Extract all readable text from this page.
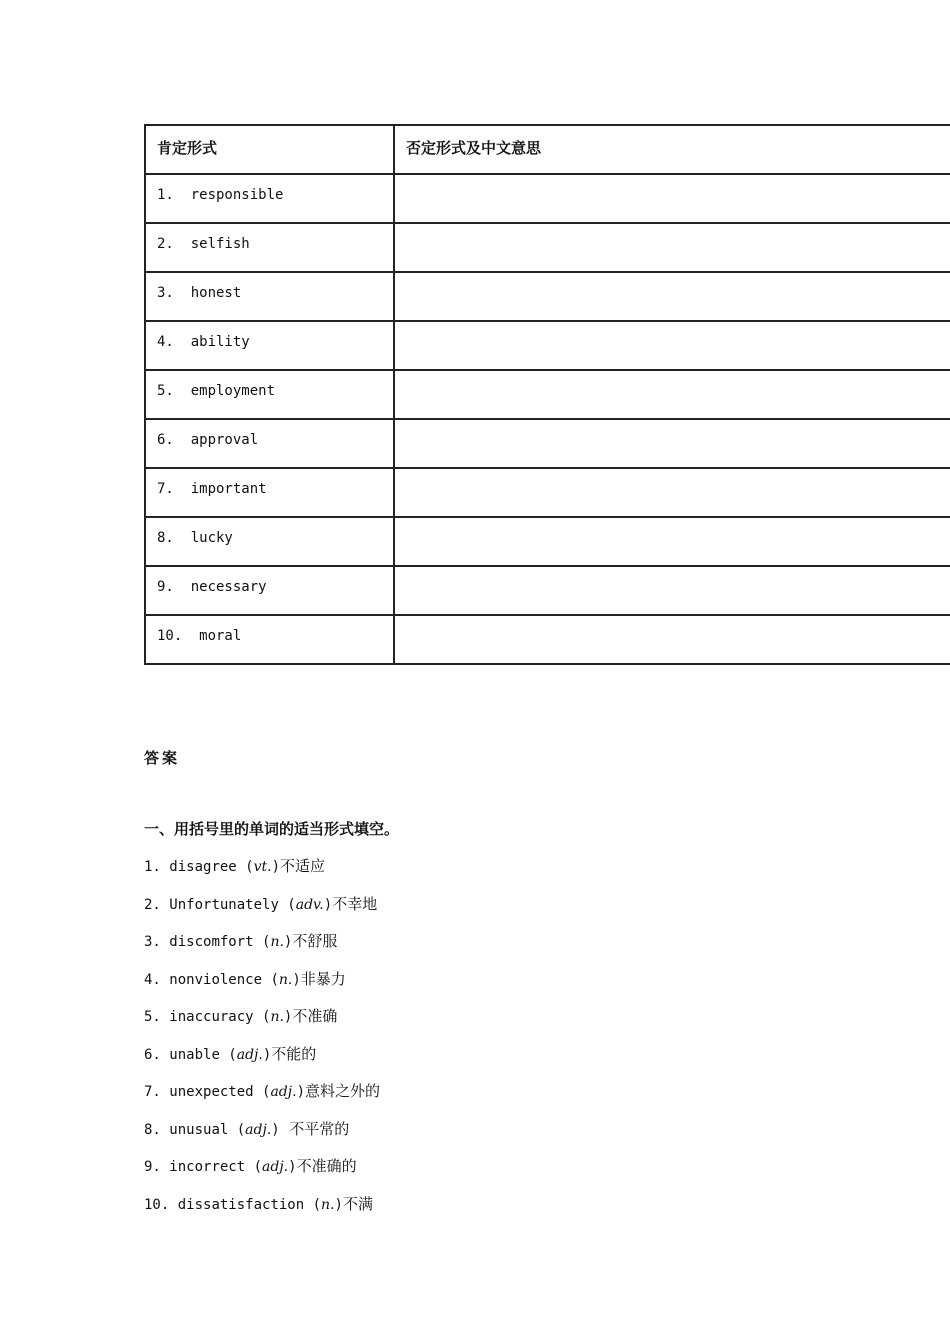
肯定形式	否定形式及中文意思
1.  responsible	
2.  selfish	
3.  honest	
4.  ability	
5.  employment	
6.  approval	
7.  important	
8.  lucky	
9.  necessary	
10.  moral	
答案
一、用括号里的单词的适当形式填空。
1. disagree (vt.)不适应
2. Unfortunately (adv.)不幸地
3. discomfort (n.)不舒服
4. nonviolence (n.)非暴力
5. inaccuracy (n.)不准确
6. unable (adj.)不能的
7. unexpected (adj.)意料之外的
8. unusual (adj.)  不平常的
9. incorrect (adj.)不准确的
10. dissatisfaction (n.)不满
